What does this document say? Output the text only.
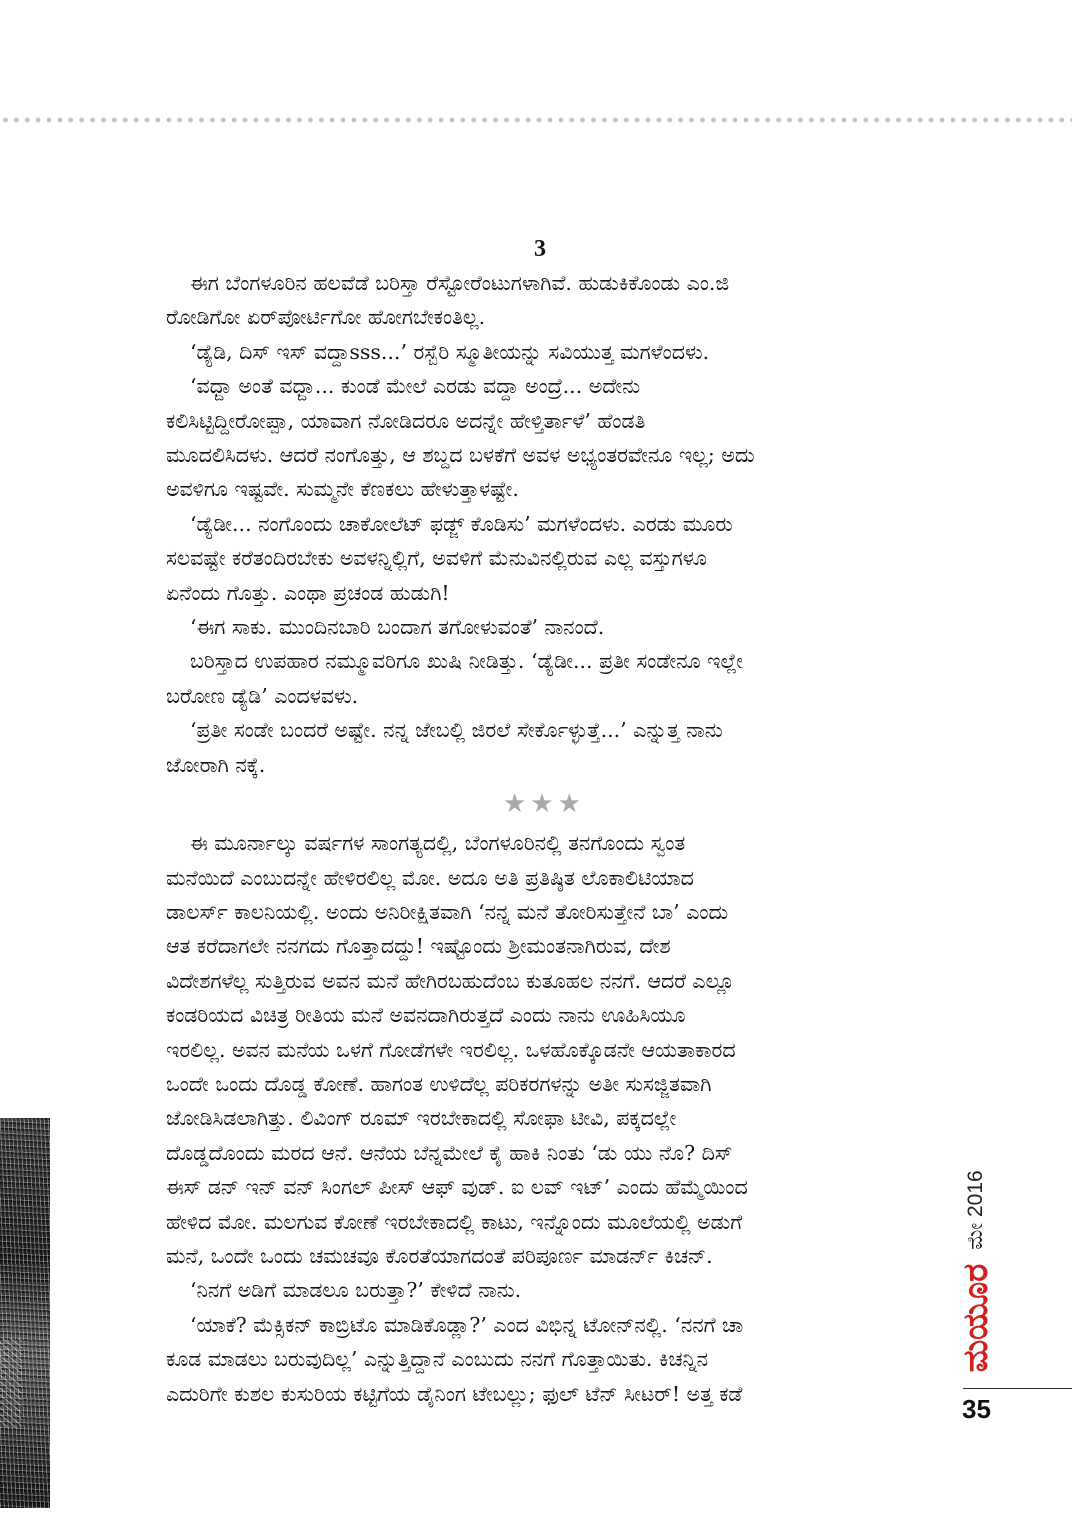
3

ಈಗ ಬೆಂಗಳೂರಿನ ಹಲವೆಡೆ ಬರಿಸ್ತಾ ರೆಸ್ಟೋರೆಂಟುಗಳಾಗಿವೆ. ಹುಡುಕಿಕೊಂಡು ಎಂ.ಜಿ

ರೋಡಿಗೋ ಏರ್‌ಪೋರ್ಟಿಗೋ ಹೋಗಬೇಕಂತಿಲ್ಲ.

‘ಡ್ಯೆಡಿ, ದಿಸ್ ಇಸ್ ವದ್ದಾsss...’ ರಸ್ಬೆರಿ ಸ್ಮೂತೀಯನ್ನು ಸವಿಯುತ್ತ ಮಗಳೆಂದಳು.

‘ವಧ್ದಾ ಅಂತೆ ವಧ್ದಾ... ಕುಂಡೆ ಮೇಲೆ ಎರಡು ವದ್ದಾ ಅಂದ್ರೆ... ಅದೇನು

ಕಲಿಸಿಟ್ಟಿದ್ದೀರೋಪ್ಪಾ, ಯಾವಾಗ ನೋಡಿದರೂ ಅದನ್ನೇ ಹೇಳ್ತಿರ್ತಾಳೆ’ ಹೆಂಡತಿ

ಮೂದಲಿಸಿದಳು. ಆದರೆ ನಂಗೊತ್ತು, ಆ ಶಬ್ದದ ಬಳಕೆಗೆ ಅವಳ ಅಭ್ಯಂತರವೇನೂ ಇಲ್ಲ; ಅದು

ಅವಳಿಗೂ ಇಷ್ಟವೇ. ಸುಮ್ಮನೇ ಕೆಣಕಲು ಹೇಳುತ್ತಾಳಷ್ಟೇ.

‘ಡ್ಯೆಡೀ... ನಂಗೊಂದು ಚಾಕೋಲೆಟ್ ಫಡ್ಜ್ ಕೊಡಿಸು’ ಮಗಳೆಂದಳು. ಎರಡು ಮೂರು

ಸಲವಷ್ಟೇ ಕರೆತಂದಿರಬೇಕು ಅವಳನ್ನಿಲ್ಲಿಗೆ, ಅವಳಿಗೆ ಮೆನುವಿನಲ್ಲಿರುವ ಎಲ್ಲ ವಸ್ತುಗಳೂ

ಏನೆಂದು ಗೊತ್ತು. ಎಂಥಾ ಪ್ರಚಂಡ ಹುಡುಗಿ!

‘ಈಗ ಸಾಕು. ಮುಂದಿನಬಾರಿ ಬಂದಾಗ ತಗೋಳುವಂತೆ’ ನಾನಂದೆ.

ಬರಿಸ್ತಾದ ಉಪಹಾರ ನಮ್ಮೂವರಿಗೂ ಖುಷಿ ನೀಡಿತ್ತು. ‘ಡ್ಯೆಡೀ... ಪ್ರತೀ ಸಂಡೇನೂ ಇಲ್ಲೇ

ಬರೋಣ ಡ್ಯೆಡಿ’ ಎಂದಳವಳು.

‘ಪ್ರತೀ ಸಂಡೇ ಬಂದರೆ ಅಷ್ಟೇ. ನನ್ನ ಜೇಬಲ್ಲಿ ಜಿರಲೆ ಸೇರ್ಕೊಳ್ಳುತ್ತೆ...’ ಎನ್ನುತ್ತ ನಾನು

ಜೋರಾಗಿ ನಕ್ಕೆ.

★★★

ಈ ಮೂರ್ನಾಲ್ಕು ವರ್ಷಗಳ ಸಾಂಗತ್ಯದಲ್ಲಿ, ಬೆಂಗಳೂರಿನಲ್ಲಿ ತನಗೊಂದು ಸ್ವಂತ

ಮನೆಯಿದೆ ಎಂಬುದನ್ನೇ ಹೇಳಿರಲಿಲ್ಲ ಮೋ. ಅದೂ ಅತಿ ಪ್ರತಿಷ್ಠಿತ ಲೊಕಾಲಿಟಿಯಾದ

ಡಾಲರ್ಸ್ ಕಾಲನಿಯಲ್ಲಿ. ಅಂದು ಅನಿರೀಕ್ಷಿತವಾಗಿ ‘ನನ್ನ ಮನೆ ತೋರಿಸುತ್ತೇನೆ ಬಾ’ ಎಂದು

ಆತ ಕರೆದಾಗಲೇ ನನಗದು ಗೊತ್ತಾದದ್ದು! ಇಷ್ಟೊಂದು ಶ್ರೀಮಂತನಾಗಿರುವ, ದೇಶ

ವಿದೇಶಗಳೆಲ್ಲ ಸುತ್ತಿರುವ ಅವನ ಮನೆ ಹೇಗಿರಬಹುದೆಂಬ ಕುತೂಹಲ ನನಗೆ. ಆದರೆ ಎಲ್ಲೂ

ಕಂಡರಿಯದ ವಿಚಿತ್ರ ರೀತಿಯ ಮನೆ ಅವನದಾಗಿರುತ್ತದೆ ಎಂದು ನಾನು ಊಹಿಸಿಯೂ

ಇರಲಿಲ್ಲ. ಅವನ ಮನೆಯ ಒಳಗೆ ಗೋಡೆಗಳೇ ಇರಲಿಲ್ಲ. ಒಳಹೊಕ್ಕೊಡನೇ ಆಯತಾಕಾರದ

ಒಂದೇ ಒಂದು ದೊಡ್ಡ ಕೋಣೆ. ಹಾಗಂತ ಉಳಿದೆಲ್ಲ ಪರಿಕರಗಳನ್ನು ಅತೀ ಸುಸಜ್ಜಿತವಾಗಿ

ಜೋಡಿಸಿಡಲಾಗಿತ್ತು. ಲಿವಿಂಗ್ ರೂಮ್ ಇರಬೇಕಾದಲ್ಲಿ ಸೋಫಾ ಟೀವಿ, ಪಕ್ಕದಲ್ಲೇ

ದೊಡ್ಡದೊಂದು ಮರದ ಆನೆ. ಆನೆಯ ಬೆನ್ನಮೇಲೆ ಕೈ ಹಾಕಿ ನಿಂತು ‘ಡು ಯು ನೊ? ದಿಸ್

ಈಸ್ ಡನ್ ಇನ್ ವನ್ ಸಿಂಗಲ್ ಪೀಸ್ ಆಫ್ ವುಡ್. ಐ ಲವ್ ಇಟ್’ ಎಂದು ಹೆಮ್ಮೆಯಿಂದ

ಹೇಳಿದ ಮೋ. ಮಲಗುವ ಕೋಣೆ ಇರಬೇಕಾದಲ್ಲಿ ಕಾಟು, ಇನ್ನೊಂದು ಮೂಲೆಯಲ್ಲಿ ಅಡುಗೆ

ಮನೆ, ಒಂದೇ ಒಂದು ಚಮಚವೂ ಕೊರತೆಯಾಗದಂತೆ ಪರಿಪೂರ್ಣ ಮಾಡರ್ನ್ ಕಿಚನ್.

‘ನಿನಗೆ ಅಡಿಗೆ ಮಾಡಲೂ ಬರುತ್ತಾ?’ ಕೇಳಿದೆ ನಾನು.

‘ಯಾಕೆ? ಮೆಕ್ಸಿಕನ್ ಕಾಬ್ರಿಟೊ ಮಾಡಿಕೊಡ್ಲಾ?’ ಎಂದ ವಿಭಿನ್ನ ಟೋನ್‌ನಲ್ಲಿ. ‘ನನಗೆ ಚಾ

ಕೂಡ ಮಾಡಲು ಬರುವುದಿಲ್ಲ’ ಎನ್ನುತ್ತಿದ್ದಾನೆ ಎಂಬುದು ನನಗೆ ಗೊತ್ತಾಯಿತು. ಕಿಚನ್ನಿನ

ಎದುರಿಗೇ ಕುಶಲ ಕುಸುರಿಯ ಕಟ್ಟಿಗೆಯ ಡೈನಿಂಗ ಟೇಬಲ್ಲು; ಫುಲ್ ಟೆನ್ ಸೀಟರ್! ಅತ್ತ ಕಡೆ

ಮೇ 2016
ಮಯೂರ
35
